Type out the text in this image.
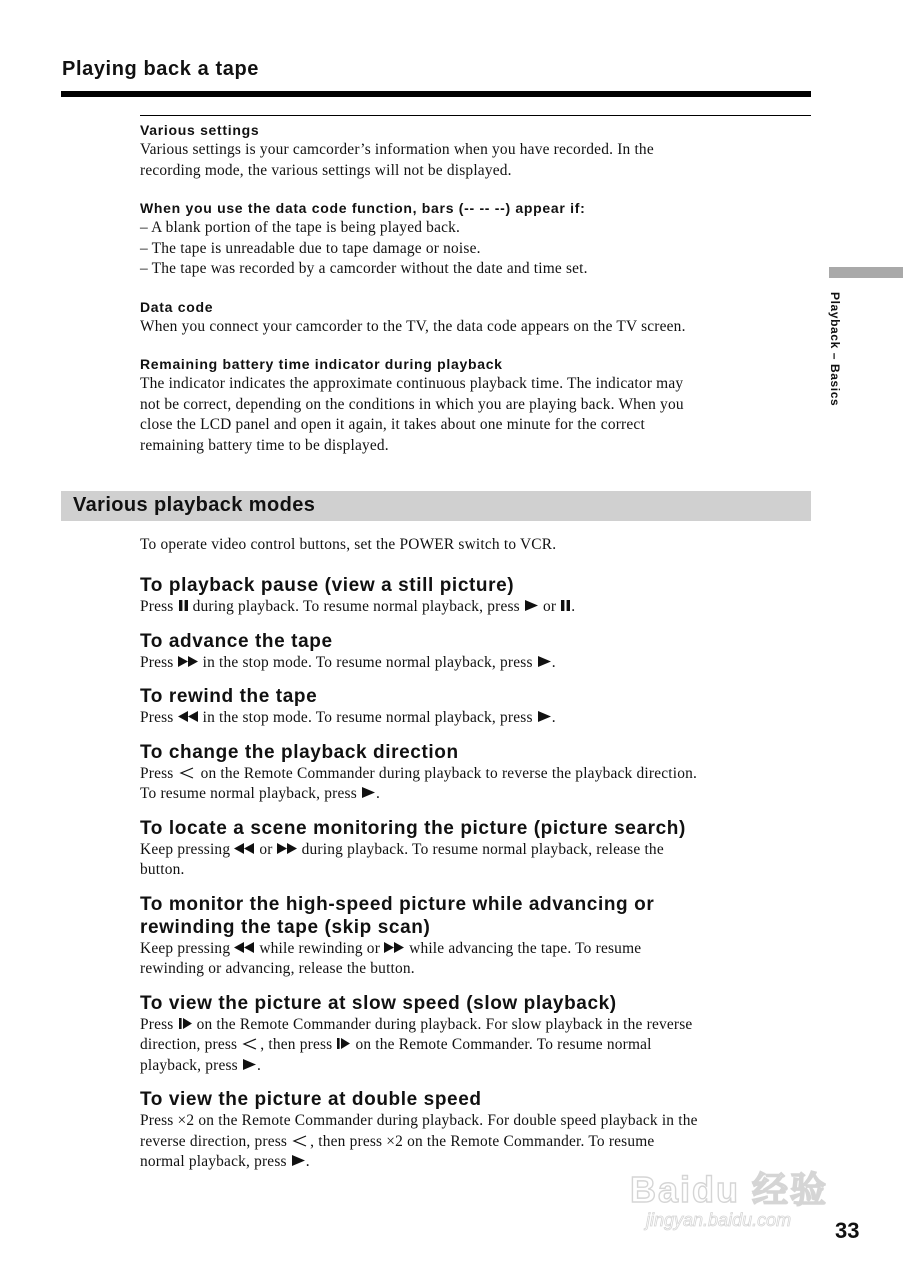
Playing back a tape
Various settings
Various settings is your camcorder’s information when you have recorded. In the
recording mode, the various settings will not be displayed.
When you use the data code function, bars (-- -- --) appear if:
– A blank portion of the tape is being played back.
– The tape is unreadable due to tape damage or noise.
– The tape was recorded by a camcorder without the date and time set.
Data code
When you connect your camcorder to the TV, the data code appears on the TV screen.
Remaining battery time indicator during playback
The indicator indicates the approximate continuous playback time. The indicator may
not be correct, depending on the conditions in which you are playing back. When you
close the LCD panel and open it again, it takes about one minute for the correct
remaining battery time to be displayed.
Playback – Basics
Various playback modes
To operate video control buttons, set the POWER switch to VCR.
To playback pause (view a still picture)
Press  during playback. To resume normal playback, press  or .
To advance the tape
Press  in the stop mode. To resume normal playback, press .
To rewind the tape
Press  in the stop mode. To resume normal playback, press .
To change the playback direction
Press  on the Remote Commander during playback to reverse the playback direction.
To resume normal playback, press .
To locate a scene monitoring the picture (picture search)
Keep pressing  or  during playback. To resume normal playback, release the
button.
To monitor the high-speed picture while advancing or
rewinding the tape (skip scan)
Keep pressing  while rewinding or  while advancing the tape. To resume
rewinding or advancing, release the button.
To view the picture at slow speed (slow playback)
Press  on the Remote Commander during playback. For slow playback in the reverse
direction, press , then press  on the Remote Commander. To resume normal
playback, press .
To view the picture at double speed
Press ×2 on the Remote Commander during playback. For double speed playback in the
reverse direction, press , then press ×2 on the Remote Commander. To resume
normal playback, press .
Baidu 经验
jingyan.baidu.com 33
